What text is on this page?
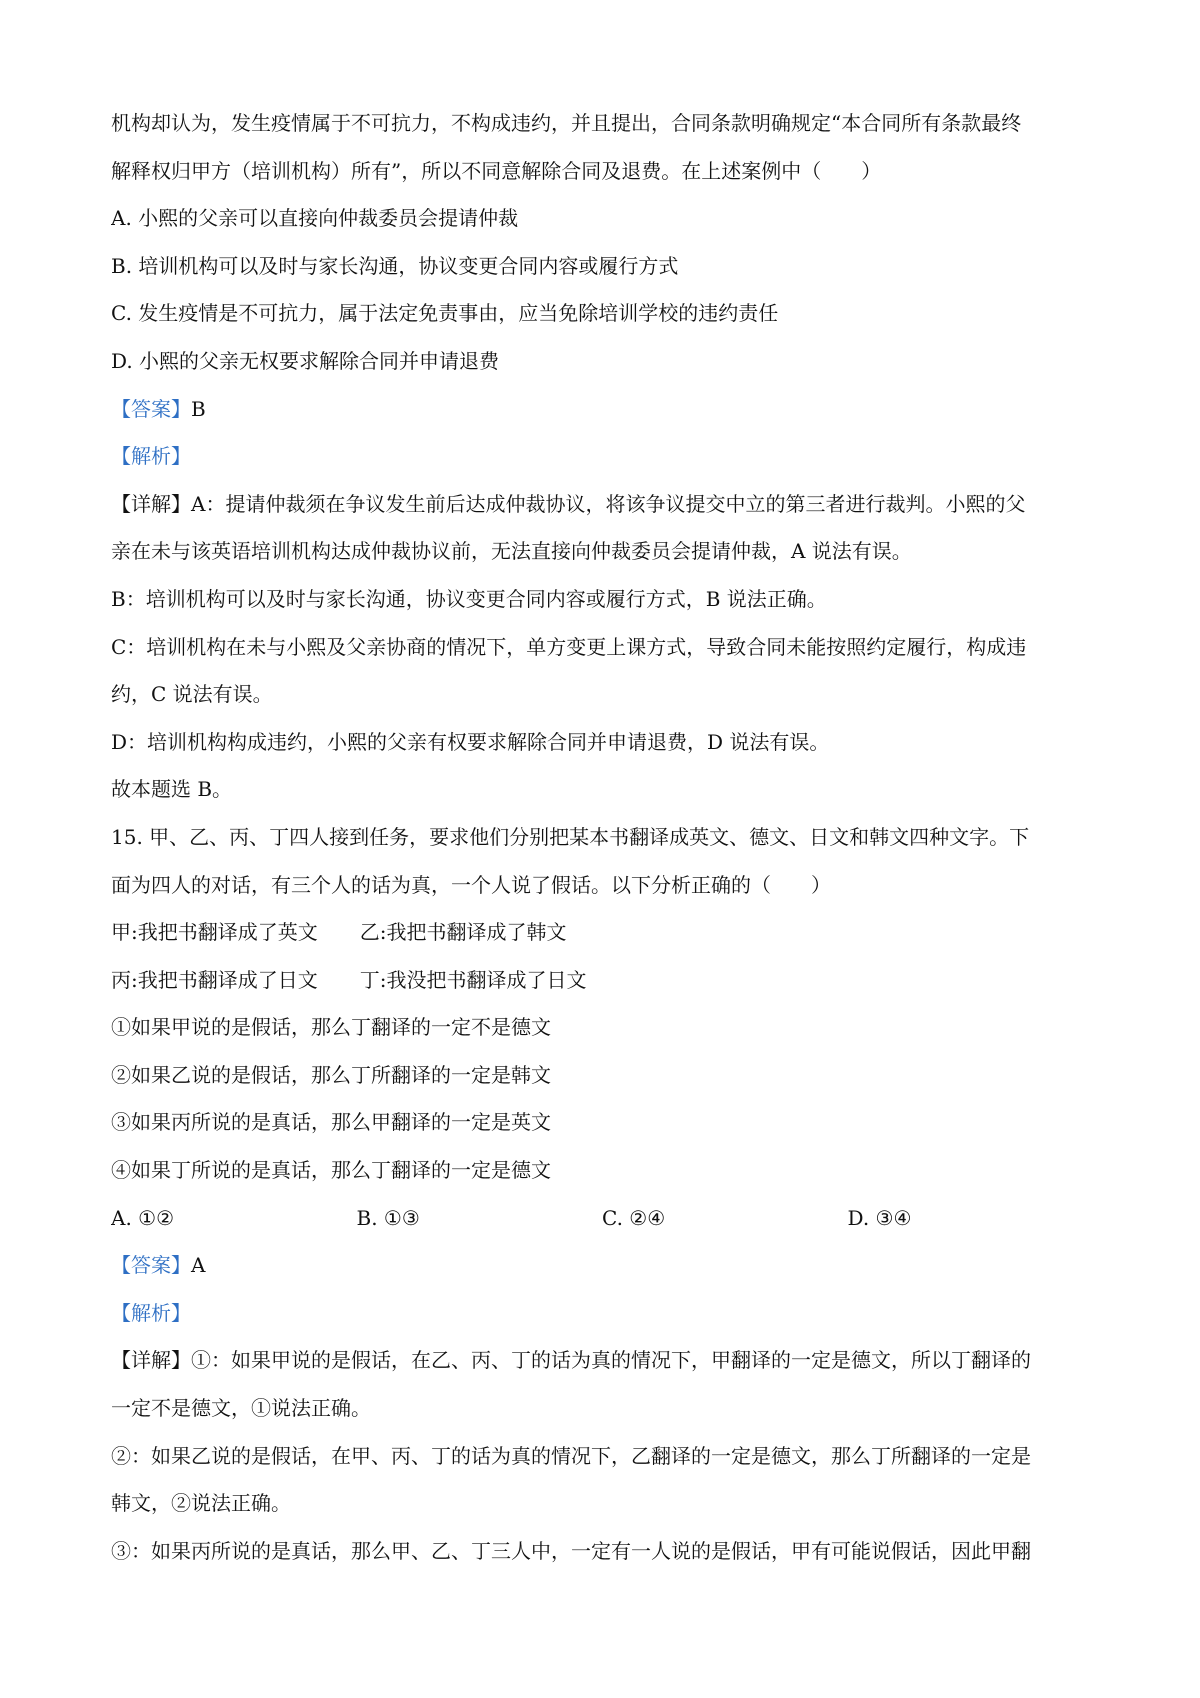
机构却认为，发生疫情属于不可抗力，不构成违约，并且提出，合同条款明确规定“本合同所有条款最终
解释权归甲方（培训机构）所有”，所以不同意解除合同及退费。在上述案例中（　　）
A. 小熙的父亲可以直接向仲裁委员会提请仲裁
B. 培训机构可以及时与家长沟通，协议变更合同内容或履行方式
C. 发生疫情是不可抗力，属于法定免责事由，应当免除培训学校的违约责任
D. 小熙的父亲无权要求解除合同并申请退费
【答案】B
【解析】
【详解】A：提请仲裁须在争议发生前后达成仲裁协议，将该争议提交中立的第三者进行裁判。小熙的父
亲在未与该英语培训机构达成仲裁协议前，无法直接向仲裁委员会提请仲裁，A 说法有误。
B：培训机构可以及时与家长沟通，协议变更合同内容或履行方式，B 说法正确。
C：培训机构在未与小熙及父亲协商的情况下，单方变更上课方式，导致合同未能按照约定履行，构成违
约，C 说法有误。
D：培训机构构成违约，小熙的父亲有权要求解除合同并申请退费，D 说法有误。
故本题选 B。
15. 甲、乙、丙、丁四人接到任务，要求他们分别把某本书翻译成英文、德文、日文和韩文四种文字。下
面为四人的对话，有三个人的话为真，一个人说了假话。以下分析正确的（　　）
甲:我把书翻译成了英文 乙:我把书翻译成了韩文
丙:我把书翻译成了日文 丁:我没把书翻译成了日文
①如果甲说的是假话，那么丁翻译的一定不是德文
②如果乙说的是假话，那么丁所翻译的一定是韩文
③如果丙所说的是真话，那么甲翻译的一定是英文
④如果丁所说的是真话，那么丁翻译的一定是德文
A. ①②	B. ①③	C. ②④	D. ③④
【答案】A
【解析】
【详解】①：如果甲说的是假话，在乙、丙、丁的话为真的情况下，甲翻译的一定是德文，所以丁翻译的
一定不是德文，①说法正确。
②：如果乙说的是假话，在甲、丙、丁的话为真的情况下，乙翻译的一定是德文，那么丁所翻译的一定是
韩文，②说法正确。
③：如果丙所说的是真话，那么甲、乙、丁三人中，一定有一人说的是假话，甲有可能说假话，因此甲翻
